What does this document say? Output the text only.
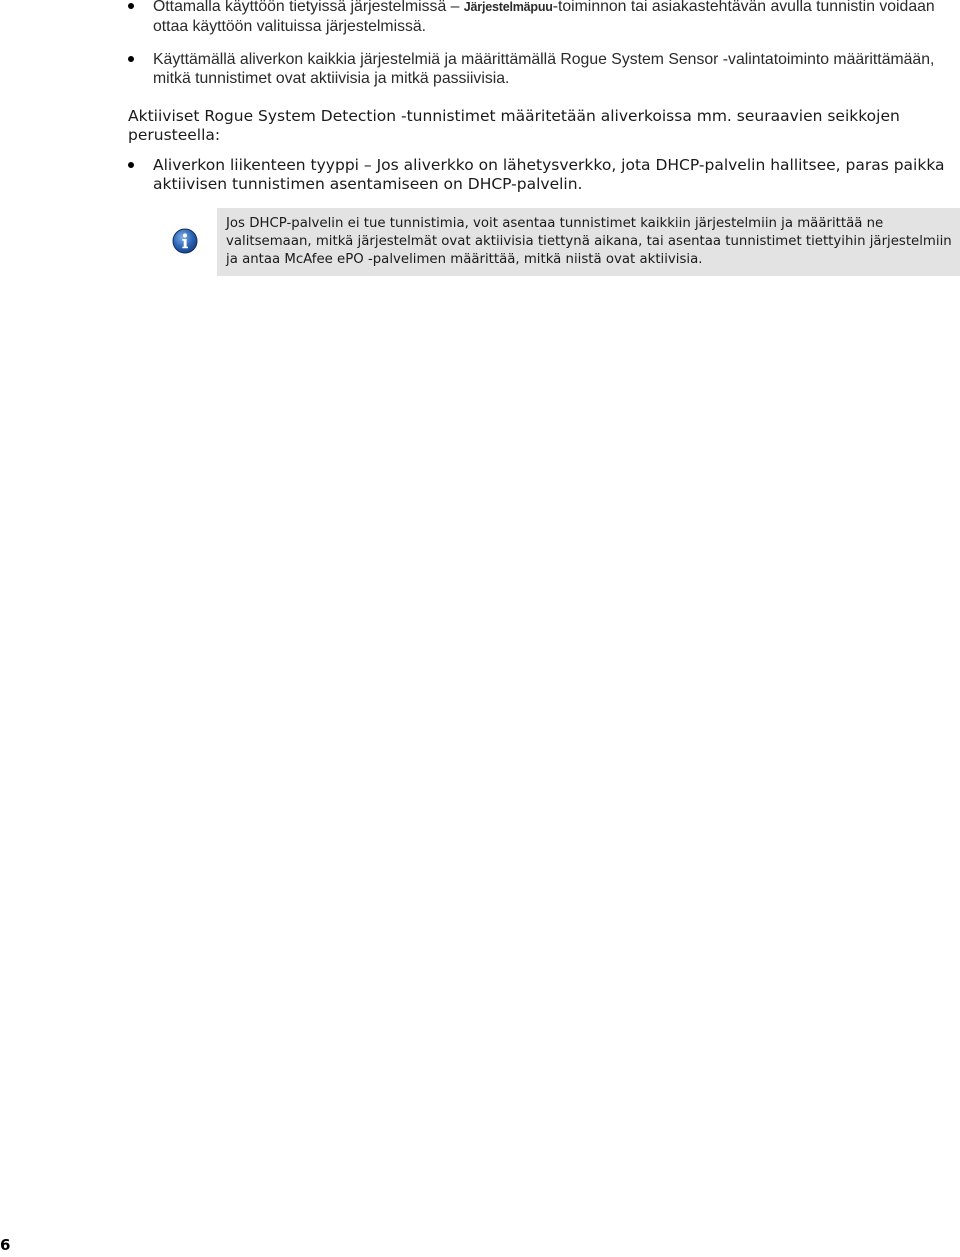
Ottamalla käyttöön tietyissä järjestelmissä – Järjestelmäpuu-toiminnon tai asiakastehtävän avulla tunnistin voidaan ottaa käyttöön valituissa järjestelmissä.
Käyttämällä aliverkon kaikkia järjestelmiä ja määrittämällä Rogue System Sensor -valintatoiminto määrittämään, mitkä tunnistimet ovat aktiivisia ja mitkä passiivisia.

Aktiiviset Rogue System Detection -tunnistimet määritetään aliverkoissa mm. seuraavien seikkojen perusteella:

Aliverkon liikenteen tyyppi – Jos aliverkko on lähetysverkko, jota DHCP-palvelin hallitsee, paras paikka aktiivisen tunnistimen asentamiseen on DHCP-palvelin.
Jos DHCP-palvelin ei tue tunnistimia, voit asentaa tunnistimet kaikkiin järjestelmiin ja määrittää ne valitsemaan, mitkä järjestelmät ovat aktiivisia tiettynä aikana, tai asentaa tunnistimet tiettyihin järjestelmiin ja antaa McAfee ePO -palvelimen määrittää, mitkä niistä ovat aktiivisia.
6
